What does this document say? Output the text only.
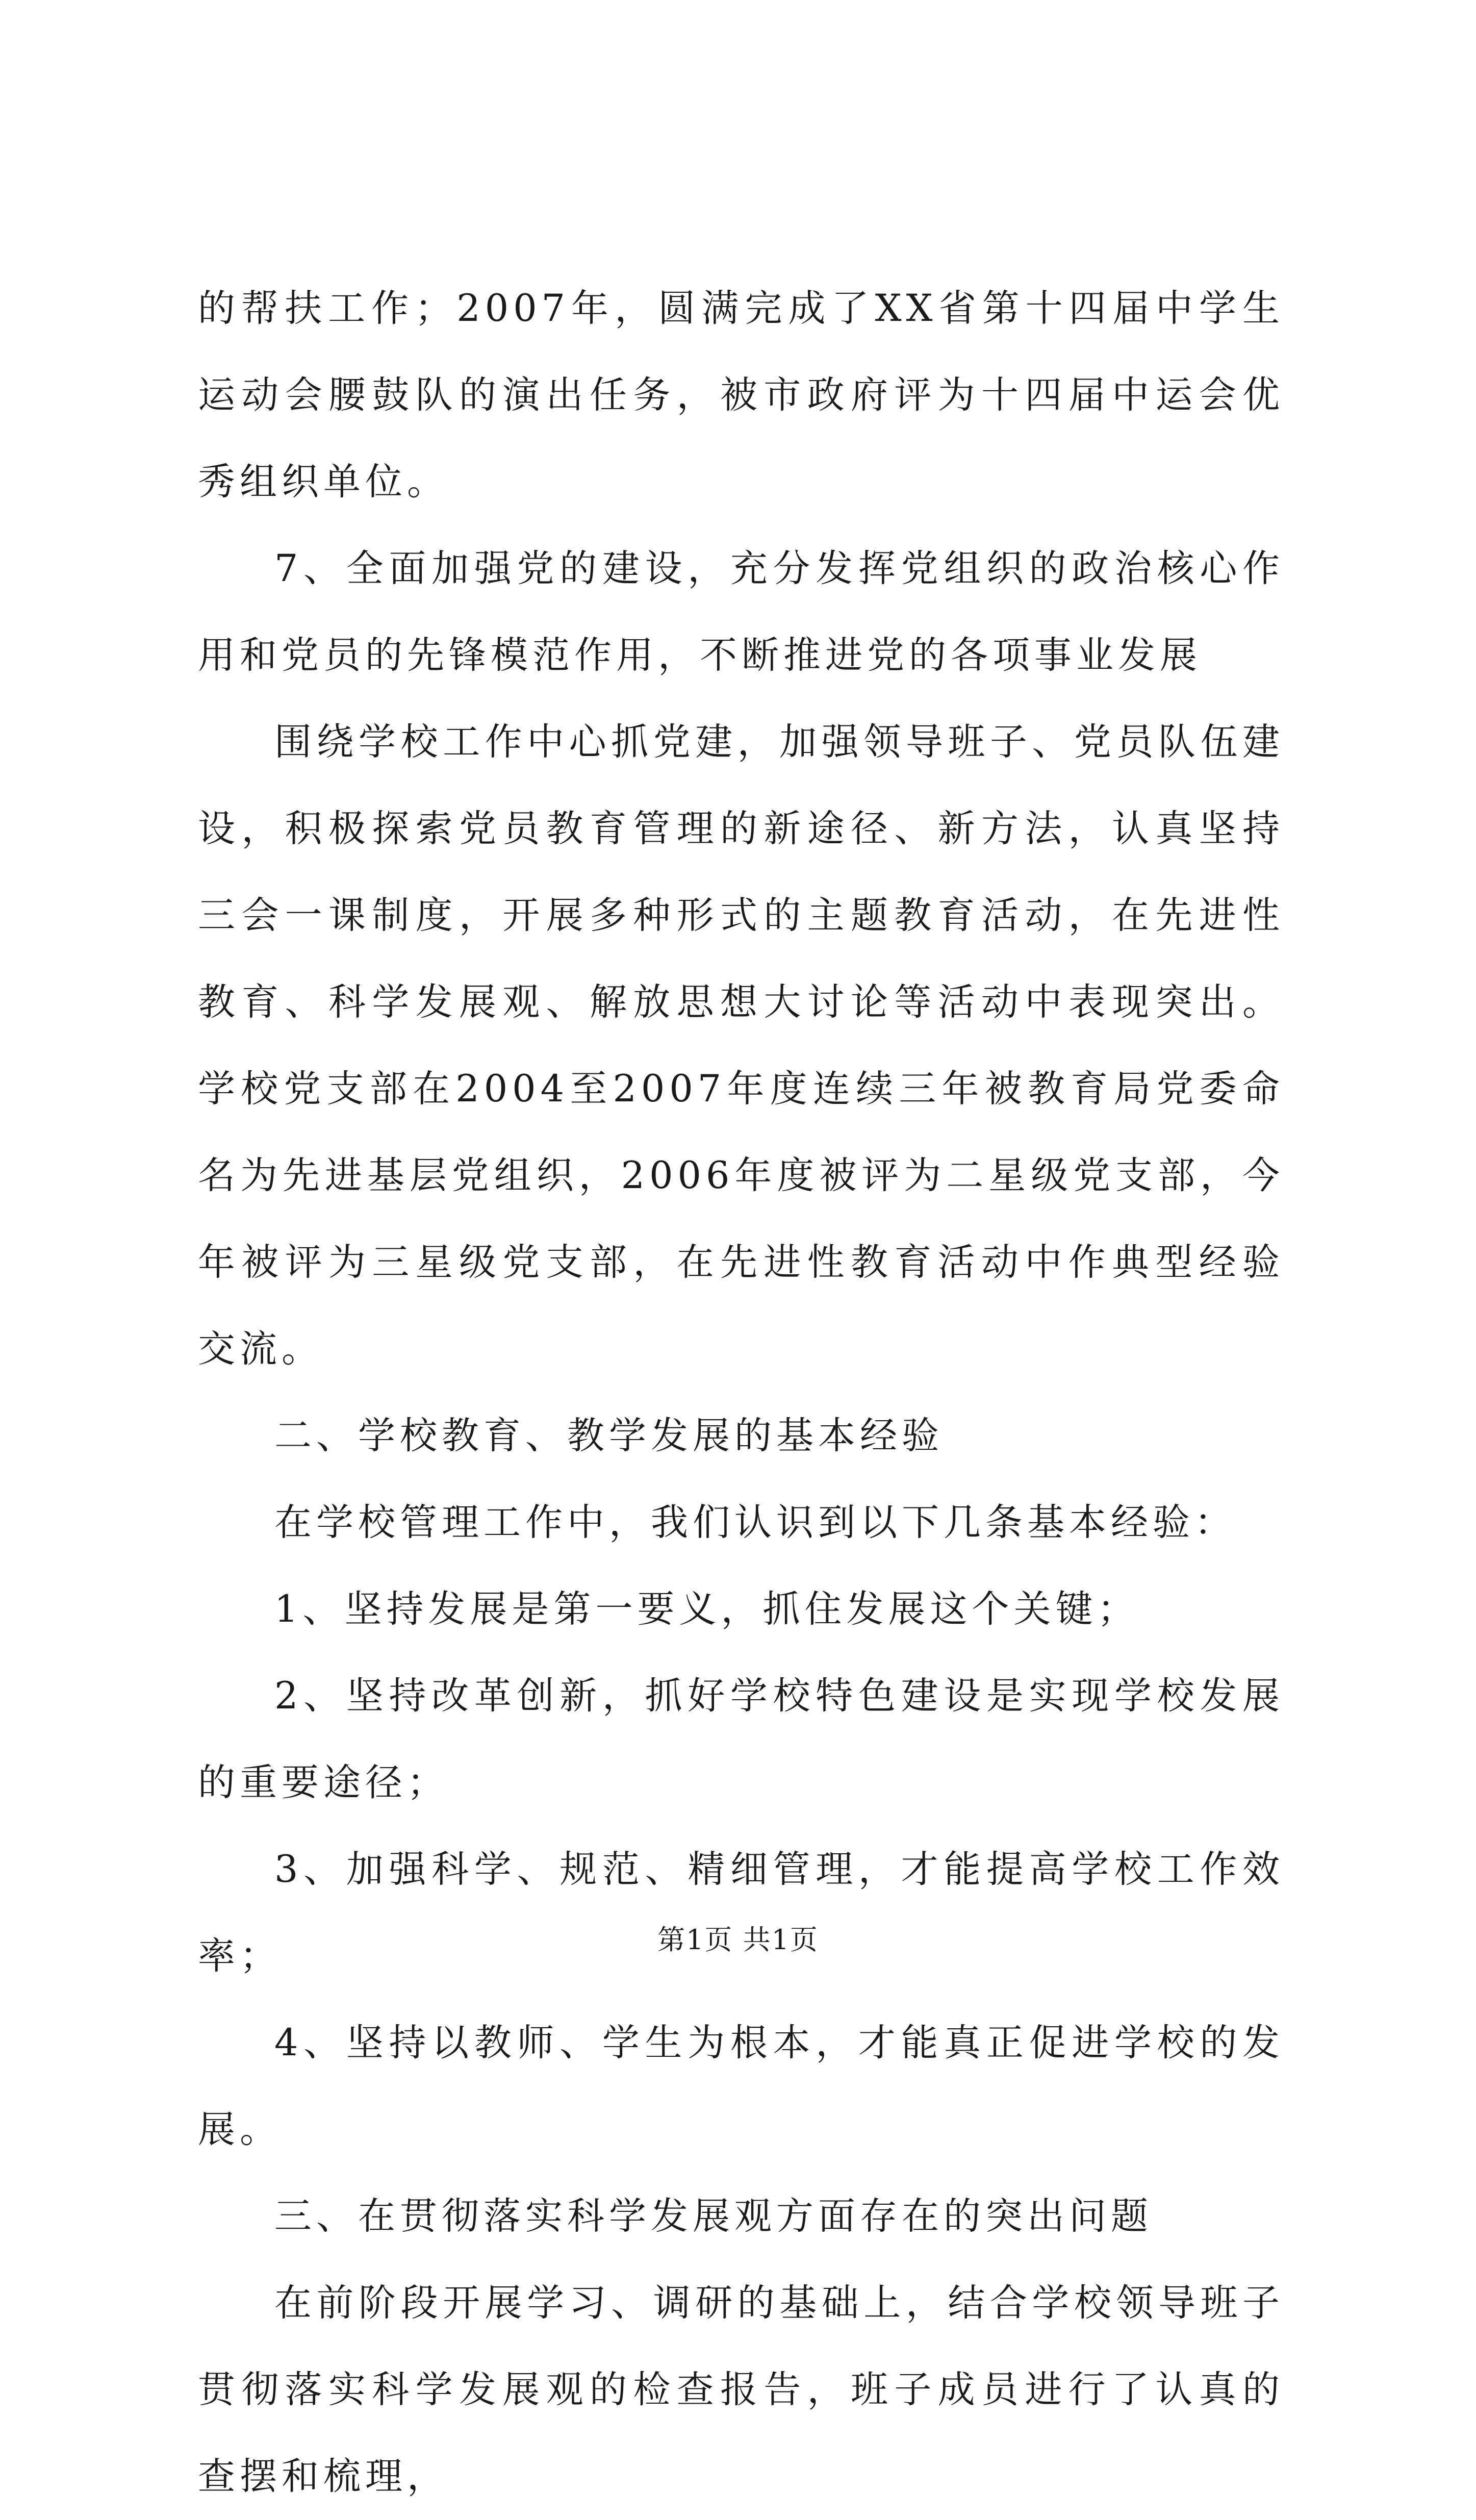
的帮扶工作；2007年，圆满完成了XX省第十四届中学生运动会腰鼓队的演出任务，被市政府评为十四届中运会优秀组织单位。

7、全面加强党的建设，充分发挥党组织的政治核心作用和党员的先锋模范作用，不断推进党的各项事业发展

围绕学校工作中心抓党建，加强领导班子、党员队伍建设，积极探索党员教育管理的新途径、新方法，认真坚持三会一课制度，开展多种形式的主题教育活动，在先进性教育、科学发展观、解放思想大讨论等活动中表现突出。学校党支部在2004至2007年度连续三年被教育局党委命名为先进基层党组织，2006年度被评为二星级党支部，今年被评为三星级党支部，在先进性教育活动中作典型经验交流。

二、学校教育、教学发展的基本经验

在学校管理工作中，我们认识到以下几条基本经验：

1、坚持发展是第一要义，抓住发展这个关键；

2、坚持改革创新，抓好学校特色建设是实现学校发展的重要途径；

3、加强科学、规范、精细管理，才能提高学校工作效率；

4、坚持以教师、学生为根本，才能真正促进学校的发展。

三、在贯彻落实科学发展观方面存在的突出问题

在前阶段开展学习、调研的基础上，结合学校领导班子贯彻落实科学发展观的检查报告，班子成员进行了认真的查摆和梳理，

第1页 共1页
